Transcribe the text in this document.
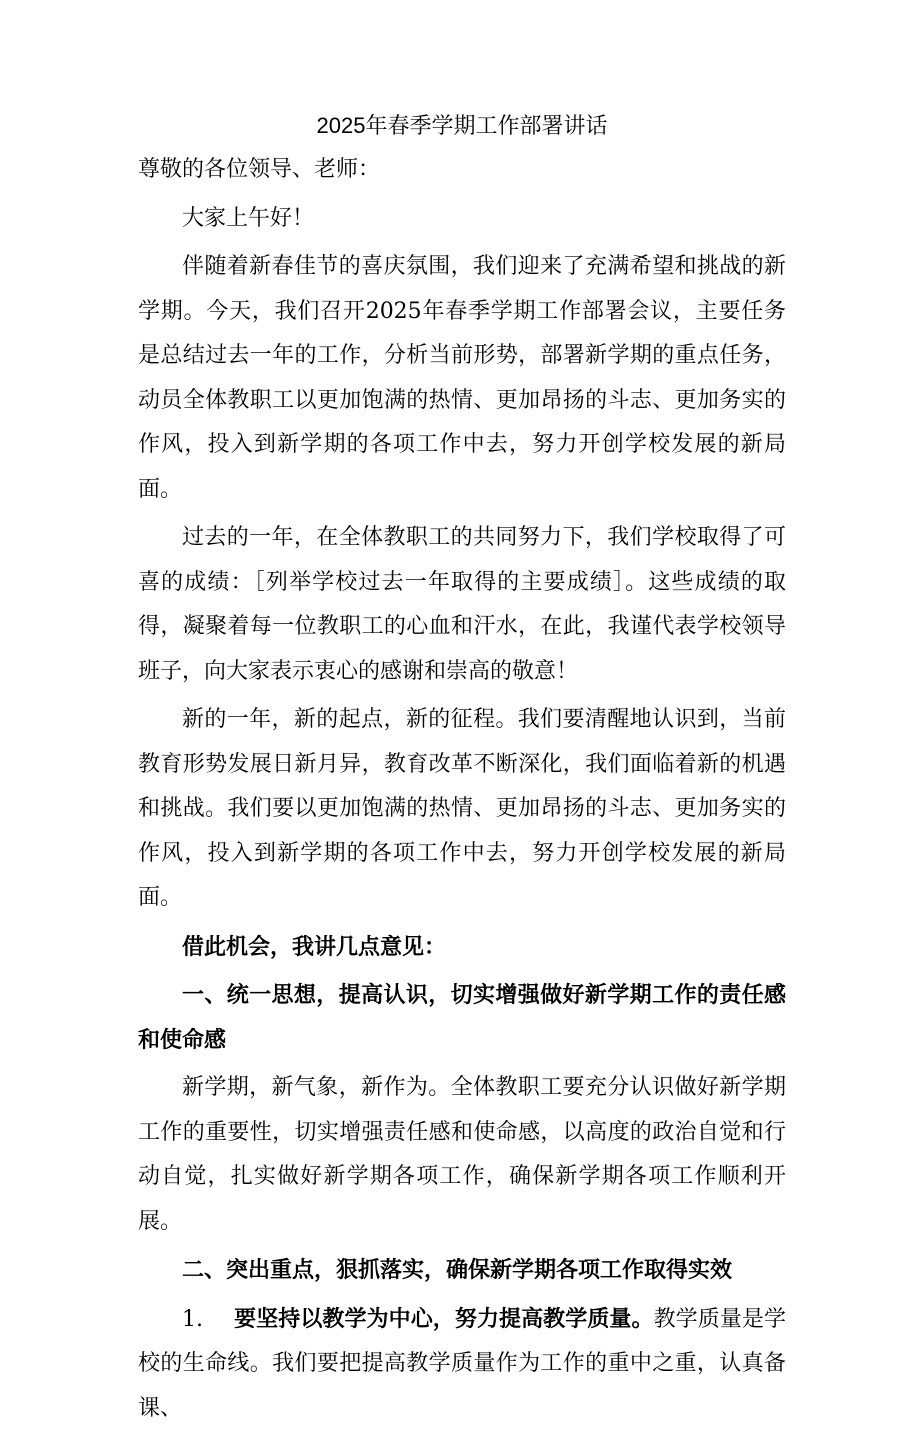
2025年春季学期工作部署讲话

尊敬的各位领导、老师：

大家上午好！

伴随着新春佳节的喜庆氛围，我们迎来了充满希望和挑战的新学期。今天，我们召开2025年春季学期工作部署会议，主要任务是总结过去一年的工作，分析当前形势，部署新学期的重点任务，动员全体教职工以更加饱满的热情、更加昂扬的斗志、更加务实的作风，投入到新学期的各项工作中去，努力开创学校发展的新局面。

过去的一年，在全体教职工的共同努力下，我们学校取得了可喜的成绩：［列举学校过去一年取得的主要成绩］。这些成绩的取得，凝聚着每一位教职工的心血和汗水，在此，我谨代表学校领导班子，向大家表示衷心的感谢和崇高的敬意！

新的一年，新的起点，新的征程。我们要清醒地认识到，当前教育形势发展日新月异，教育改革不断深化，我们面临着新的机遇和挑战。我们要以更加饱满的热情、更加昂扬的斗志、更加务实的作风，投入到新学期的各项工作中去，努力开创学校发展的新局面。

借此机会，我讲几点意见：

一、统一思想，提高认识，切实增强做好新学期工作的责任感和使命感

新学期，新气象，新作为。全体教职工要充分认识做好新学期工作的重要性，切实增强责任感和使命感，以高度的政治自觉和行动自觉，扎实做好新学期各项工作，确保新学期各项工作顺利开展。

二、突出重点，狠抓落实，确保新学期各项工作取得实效

1. 要坚持以教学为中心，努力提高教学质量。教学质量是学校的生命线。我们要把提高教学质量作为工作的重中之重，认真备课、
